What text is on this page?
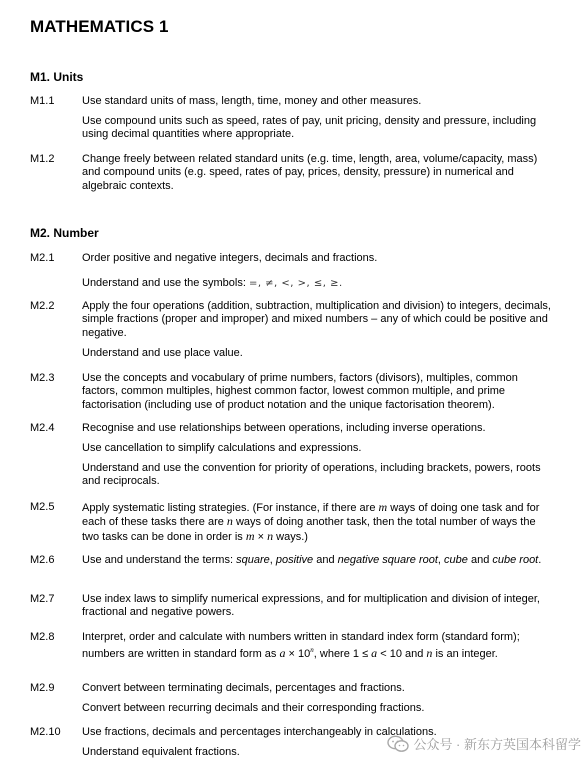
MATHEMATICS 1
M1. Units
M1.1	Use standard units of mass, length, time, money and other measures.

Use compound units such as speed, rates of pay, unit pricing, density and pressure, including using decimal quantities where appropriate.

M1.2	Change freely between related standard units (e.g. time, length, area, volume/capacity, mass) and compound units (e.g. speed, rates of pay, prices, density, pressure) in numerical and algebraic contexts.

M2. Number
M2.1	Order positive and negative integers, decimals and fractions.

Understand and use the symbols: =, ≠, <, >, ≤, ≥.

M2.2	Apply the four operations (addition, subtraction, multiplication and division) to integers, decimals, simple fractions (proper and improper) and mixed numbers – any of which could be positive and negative.

Understand and use place value.

M2.3	Use the concepts and vocabulary of prime numbers, factors (divisors), multiples, common factors, common multiples, highest common factor, lowest common multiple, and prime factorisation (including use of product notation and the unique factorisation theorem).

M2.4	Recognise and use relationships between operations, including inverse operations.

Use cancellation to simplify calculations and expressions.

Understand and use the convention for priority of operations, including brackets, powers, roots and reciprocals.

M2.5	Apply systematic listing strategies. (For instance, if there are m ways of doing one task and for each of these tasks there are n ways of doing another task, then the total number of ways the two tasks can be done in order is m × n ways.)

M2.6	Use and understand the terms: square, positive and negative square root, cube and cube root.

M2.7	Use index laws to simplify numerical expressions, and for multiplication and division of integer, fractional and negative powers.

M2.8	Interpret, order and calculate with numbers written in standard index form (standard form); numbers are written in standard form as $a \times 10^n$, where 1 ≤ a < 10 and n is an integer.

M2.9	Convert between terminating decimals, percentages and fractions.

Convert between recurring decimals and their corresponding fractions.

M2.10 Use fractions, decimals and percentages interchangeably in calculations.

Understand equivalent fractions.	公众号 · 新东方英国本科留学
